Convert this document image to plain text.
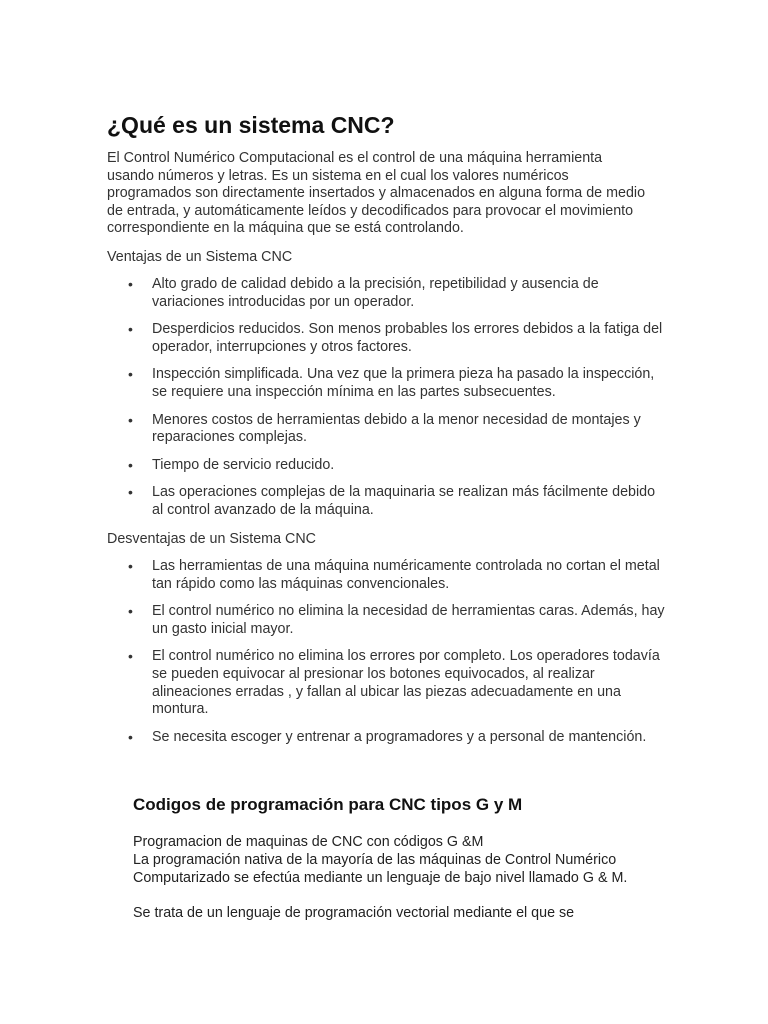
¿Qué es un sistema CNC?

El Control Numérico Computacional es el control de una máquina herramienta usando números y letras. Es un sistema en el cual los valores numéricos programados son directamente insertados y almacenados en alguna forma de medio de entrada, y automáticamente leídos y decodificados para provocar el movimiento correspondiente en la máquina que se está controlando.

Ventajas de un Sistema CNC

• Alto grado de calidad debido a la precisión, repetibilidad y ausencia de variaciones introducidas por un operador.
• Desperdicios reducidos. Son menos probables los errores debidos a la fatiga del operador, interrupciones y otros factores.
• Inspección simplificada. Una vez que la primera pieza ha pasado la inspección, se requiere una inspección mínima en las partes subsecuentes.
• Menores costos de herramientas debido a la menor necesidad de montajes y reparaciones complejas.
• Tiempo de servicio reducido.
• Las operaciones complejas de la maquinaria se realizan más fácilmente debido al control avanzado de la máquina.

Desventajas de un Sistema CNC

• Las herramientas de una máquina numéricamente controlada no cortan el metal tan rápido como las máquinas convencionales.
• El control numérico no elimina la necesidad de herramientas caras. Además, hay un gasto inicial mayor.
• El control numérico no elimina los errores por completo. Los operadores todavía se pueden equivocar al presionar los botones equivocados, al realizar alineaciones erradas , y fallan al ubicar las piezas adecuadamente en una montura.
• Se necesita escoger y entrenar a programadores y a personal de mantención.
Codigos de programación para CNC tipos G y M

Programacion de maquinas de CNC con códigos G &M

La programación nativa de la mayoría de las máquinas de Control Numérico Computarizado se efectúa mediante un lenguaje de bajo nivel llamado G & M.

Se trata de un lenguaje de programación vectorial mediante el que se
